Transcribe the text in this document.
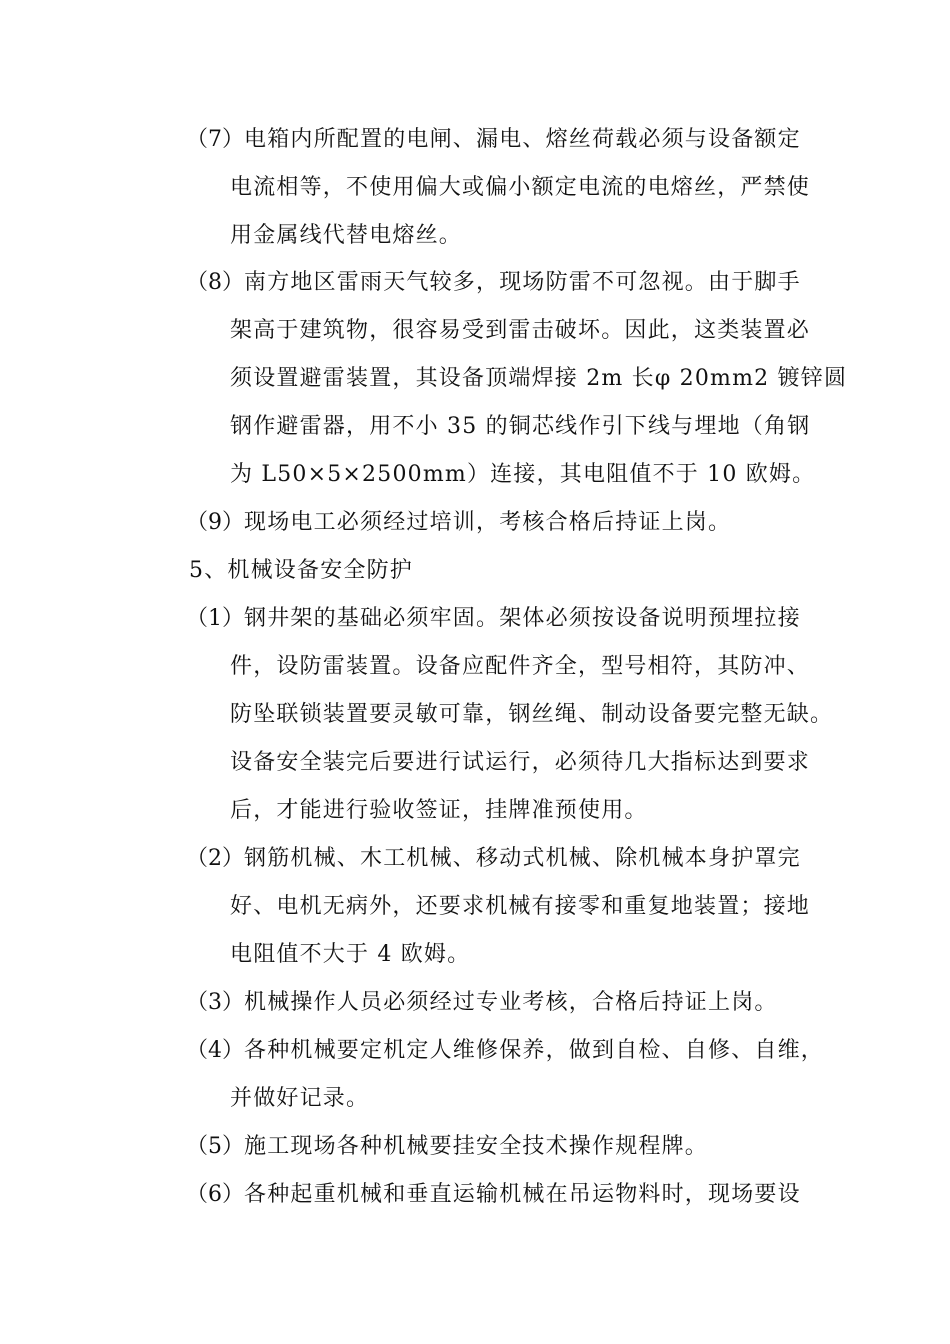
（7） 电箱内所配置的电闸、漏电、熔丝荷载必须与设备额定
电流相等，不使用偏大或偏小额定电流的电熔丝，严禁使
用金属线代替电熔丝。
（8） 南方地区雷雨天气较多，现场防雷不可忽视。由于脚手
架高于建筑物，很容易受到雷击破坏。因此，这类装置必
须设置避雷装置，其设备顶端焊接 2m 长φ 20mm2 镀锌圆
钢作避雷器，用不小 35 的铜芯线作引下线与埋地（角钢
为 L50×5×2500mm）连接，其电阻值不于 10 欧姆。
（9） 现场电工必须经过培训，考核合格后持证上岗。
5、机械设备安全防护
（1） 钢井架的基础必须牢固。架体必须按设备说明预埋拉接
件，设防雷装置。设备应配件齐全，型号相符，其防冲、
防坠联锁装置要灵敏可靠，钢丝绳、制动设备要完整无缺。
设备安全装完后要进行试运行，必须待几大指标达到要求
后，才能进行验收签证，挂牌准预使用。
（2） 钢筋机械、木工机械、移动式机械、除机械本身护罩完
好、电机无病外，还要求机械有接零和重复地装置；接地
电阻值不大于 4 欧姆。
（3） 机械操作人员必须经过专业考核，合格后持证上岗。
（4） 各种机械要定机定人维修保养，做到自检、自修、自维，
并做好记录。
（5） 施工现场各种机械要挂安全技术操作规程牌。
（6） 各种起重机械和垂直运输机械在吊运物料时，现场要设
